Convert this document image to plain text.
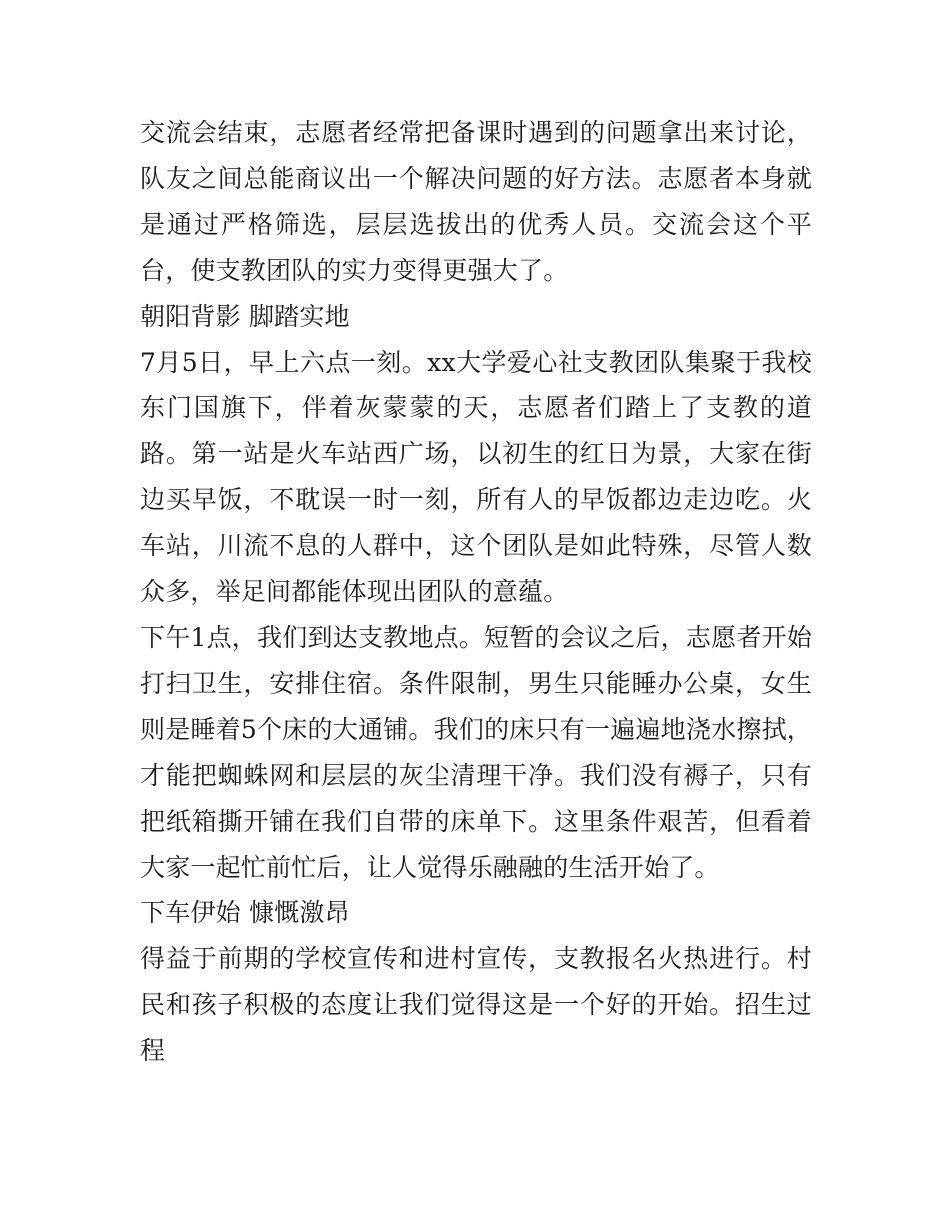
交流会结束，志愿者经常把备课时遇到的问题拿出来讨论，队友之间总能商议出一个解决问题的好方法。志愿者本身就是通过严格筛选，层层选拔出的优秀人员。交流会这个平台，使支教团队的实力变得更强大了。

朝阳背影 脚踏实地

7月5日，早上六点一刻。xx大学爱心社支教团队集聚于我校东门国旗下，伴着灰蒙蒙的天，志愿者们踏上了支教的道路。第一站是火车站西广场，以初生的红日为景，大家在街边买早饭，不耽误一时一刻，所有人的早饭都边走边吃。火车站，川流不息的人群中，这个团队是如此特殊，尽管人数众多，举足间都能体现出团队的意蕴。

下午1点，我们到达支教地点。短暂的会议之后，志愿者开始打扫卫生，安排住宿。条件限制，男生只能睡办公桌，女生则是睡着5个床的大通铺。我们的床只有一遍遍地浇水擦拭，才能把蜘蛛网和层层的灰尘清理干净。我们没有褥子，只有把纸箱撕开铺在我们自带的床单下。这里条件艰苦，但看着大家一起忙前忙后，让人觉得乐融融的生活开始了。

下车伊始 慷慨激昂

得益于前期的学校宣传和进村宣传，支教报名火热进行。村民和孩子积极的态度让我们觉得这是一个好的开始。招生过程
